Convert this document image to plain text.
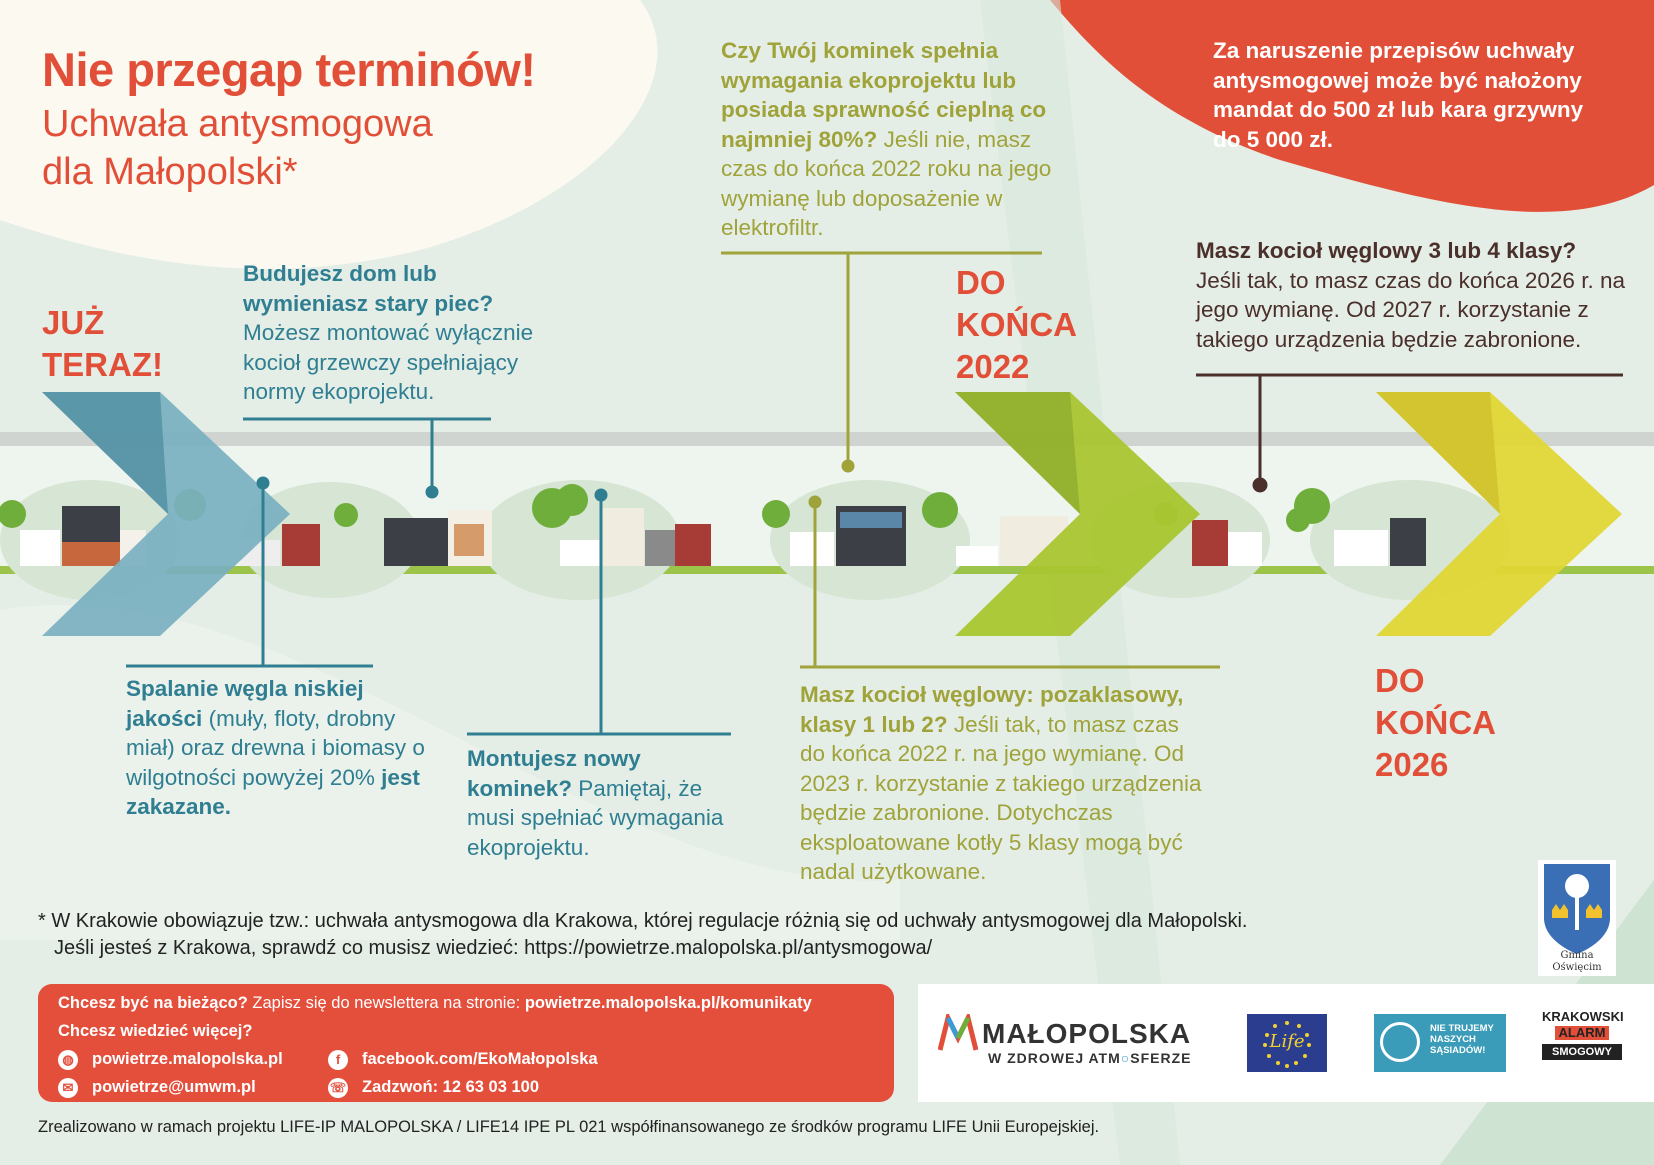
Nie przegap terminów!
Uchwała antysmogowa
dla Małopolski*
Za naruszenie przepisów uchwały antysmogowej może być nałożony mandat do 500 zł lub kara grzywny do 5 000 zł.
JUŻ
TERAZ!
DO
KOŃCA
2022
DO
KOŃCA
2026
Budujesz dom lub wymieniasz stary piec? Możesz montować wyłącznie kocioł grzewczy spełniający normy ekoprojektu.
Spalanie węgla niskiej jakości (muły, floty, drobny miał) oraz drewna i biomasy o wilgotności powyżej 20% jest zakazane.
Montujesz nowy kominek? Pamiętaj, że musi spełniać wymagania ekoprojektu.
Czy Twój kominek spełnia wymagania ekoprojektu lub posiada sprawność cieplną co najmniej 80%? Jeśli nie, masz czas do końca 2022 roku na jego wymianę lub doposażenie w elektrofiltr.
Masz kocioł węglowy: pozaklasowy, klasy 1 lub 2? Jeśli tak, to masz czas do końca 2022 r. na jego wymianę. Od 2023 r. korzystanie z takiego urządzenia będzie zabronione. Dotychczas eksploatowane kotły 5 klasy mogą być nadal użytkowane.
Masz kocioł węglowy 3 lub 4 klasy? Jeśli tak, to masz czas do końca 2026 r. na jego wymianę. Od 2027 r. korzystanie z takiego urządzenia będzie zabronione.
* W Krakowie obowiązuje tzw.: uchwała antysmogowa dla Krakowa, której regulacje różnią się od uchwały antysmogowej dla Małopolski.
Jeśli jesteś z Krakowa, sprawdź co musisz wiedzieć: https://powietrze.malopolska.pl/antysmogowa/	Gmina Oświęcim
Chcesz być na bieżąco? Zapisz się do newslettera na stronie: powietrze.malopolska.pl/komunikaty
Chcesz wiedzieć więcej?
◍ powietrze.malopolska.pl	f	facebook.com/EkoMałopolska
✉ powietrze@umwm.pl	☏ Zadzwoń: 12 63 03 100
MAŁOPOLSKA
W ZDROWEJ ATM○SFERZE
Life
NIE TRUJEMY NASZYCH SĄSIADÓW!
KRAKOWSKI
ALARM
SMOGOWY
Zrealizowano w ramach projektu LIFE-IP MALOPOLSKA / LIFE14 IPE PL 021 współfinansowanego ze środków programu LIFE Unii Europejskiej.
